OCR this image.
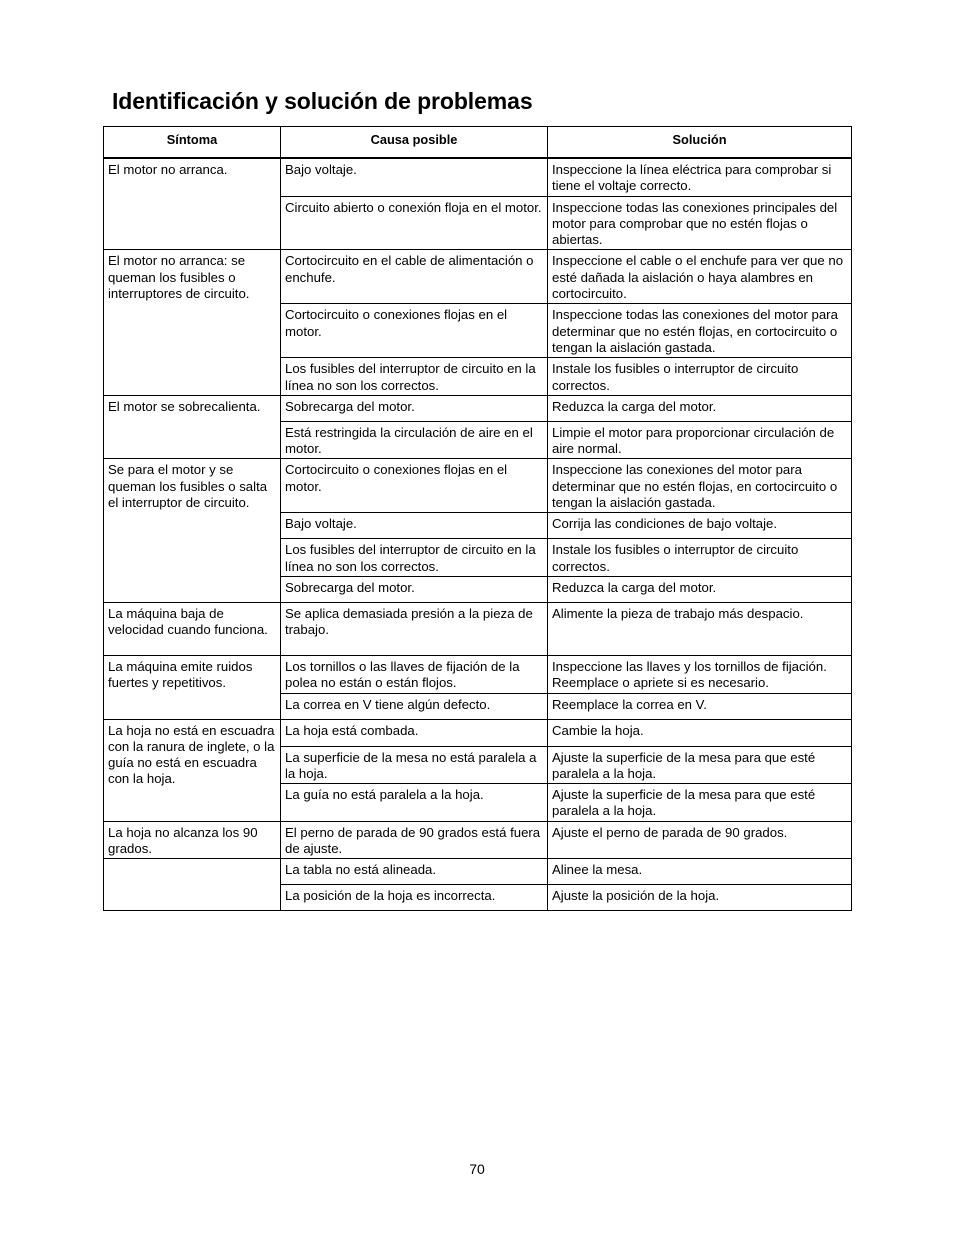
Identificación y solución de problemas
Síntoma	Causa posible	Solución
El motor no arranca.	Bajo voltaje.	Inspeccione la línea eléctrica para comprobar si tiene el voltaje correcto.
	Circuito abierto o conexión floja en el motor.	Inspeccione todas las conexiones principales del motor para comprobar que no estén flojas o abiertas.
El motor no arranca: se queman los fusibles o interruptores de circuito.	Cortocircuito en el cable de alimentación o enchufe.	Inspeccione el cable o el enchufe para ver que no esté dañada la aislación o haya alambres en cortocircuito.
	Cortocircuito o conexiones flojas en el motor.	Inspeccione todas las conexiones del motor para determinar que no estén flojas, en cortocircuito o tengan la aislación gastada.
	Los fusibles del interruptor de circuito en la línea no son los correctos.	Instale los fusibles o interruptor de circuito correctos.
El motor se sobrecalienta.	Sobrecarga del motor.	Reduzca la carga del motor.
	Está restringida la circulación de aire en el motor.	Limpie el motor para proporcionar circulación de aire normal.
Se para el motor y se queman los fusibles o salta el interruptor de circuito.	Cortocircuito o conexiones flojas en el motor.	Inspeccione las conexiones del motor para determinar que no estén flojas, en cortocircuito o tengan la aislación gastada.
	Bajo voltaje.	Corrija las condiciones de bajo voltaje.
	Los fusibles del interruptor de circuito en la línea no son los correctos.	Instale los fusibles o interruptor de circuito correctos.
	Sobrecarga del motor.	Reduzca la carga del motor.
La máquina baja de velocidad cuando funciona.	Se aplica demasiada presión a la pieza de trabajo.	Alimente la pieza de trabajo más despacio.
La máquina emite ruidos fuertes y repetitivos.	Los tornillos o las llaves de fijación de la polea no están o están flojos.	Inspeccione las llaves y los tornillos de fijación. Reemplace o apriete si es necesario.
	La correa en V tiene algún defecto.	Reemplace la correa en V.
La hoja no está en escuadra con la ranura de inglete, o la guía no está en escuadra con la hoja.	La hoja está combada.	Cambie la hoja.
	La superficie de la mesa no está paralela a la hoja.	Ajuste la superficie de la mesa para que esté paralela a la hoja.
	La guía no está paralela a la hoja.	Ajuste la superficie de la mesa para que esté paralela a la hoja.
La hoja no alcanza los 90 grados.	El perno de parada de 90 grados está fuera de ajuste.	Ajuste el perno de parada de 90 grados.
	La tabla no está alineada.	Alinee la mesa.
	La posición de la hoja es incorrecta.	Ajuste la posición de la hoja.
70
